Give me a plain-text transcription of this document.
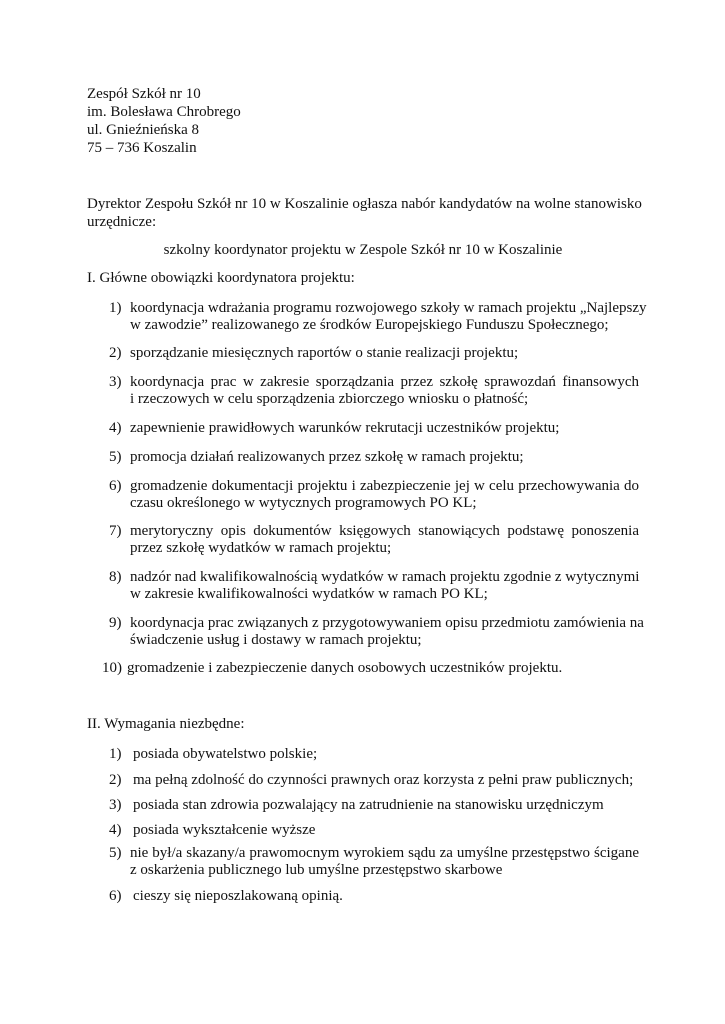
Zespół Szkół nr 10
im. Bolesława Chrobrego
ul. Gnieźnieńska 8
75 – 736 Koszalin
Dyrektor Zespołu Szkół nr 10 w Koszalinie ogłasza nabór kandydatów na wolne stanowisko
urzędnicze:
szkolny koordynator projektu w Zespole Szkół nr 10 w Koszalinie
I. Główne obowiązki koordynatora projektu:
1) koordynacja wdrażania programu rozwojowego szkoły w ramach projektu „Najlepszy
w zawodzie” realizowanego ze środków Europejskiego Funduszu Społecznego;
2) sporządzanie miesięcznych raportów o stanie realizacji projektu;
3) koordynacja prac w zakresie sporządzania przez szkołę sprawozdań finansowych
i rzeczowych w celu sporządzenia zbiorczego wniosku o płatność;
4) zapewnienie prawidłowych warunków rekrutacji uczestników projektu;
5) promocja działań realizowanych przez szkołę w ramach projektu;
6) gromadzenie dokumentacji projektu i zabezpieczenie jej w celu przechowywania do
czasu określonego w wytycznych programowych PO KL;
7) merytoryczny opis dokumentów księgowych stanowiących podstawę ponoszenia
przez szkołę wydatków w ramach projektu;
8) nadzór nad kwalifikowalnością wydatków w ramach projektu zgodnie z wytycznymi
w zakresie kwalifikowalności wydatków w ramach PO KL;
9) koordynacja prac związanych z przygotowywaniem opisu przedmiotu zamówienia na
świadczenie usług i dostawy w ramach projektu;
10) gromadzenie i zabezpieczenie danych osobowych uczestników projektu.
II. Wymagania niezbędne:
1) posiada obywatelstwo polskie;
2) ma pełną zdolność do czynności prawnych oraz korzysta z pełni praw publicznych;
3) posiada stan zdrowia pozwalający na zatrudnienie na stanowisku urzędniczym
4) posiada wykształcenie wyższe
5) nie był/a skazany/a prawomocnym wyrokiem sądu za umyślne przestępstwo ścigane
z oskarżenia publicznego lub umyślne przestępstwo skarbowe
6) cieszy się nieposzlakowaną opinią.
